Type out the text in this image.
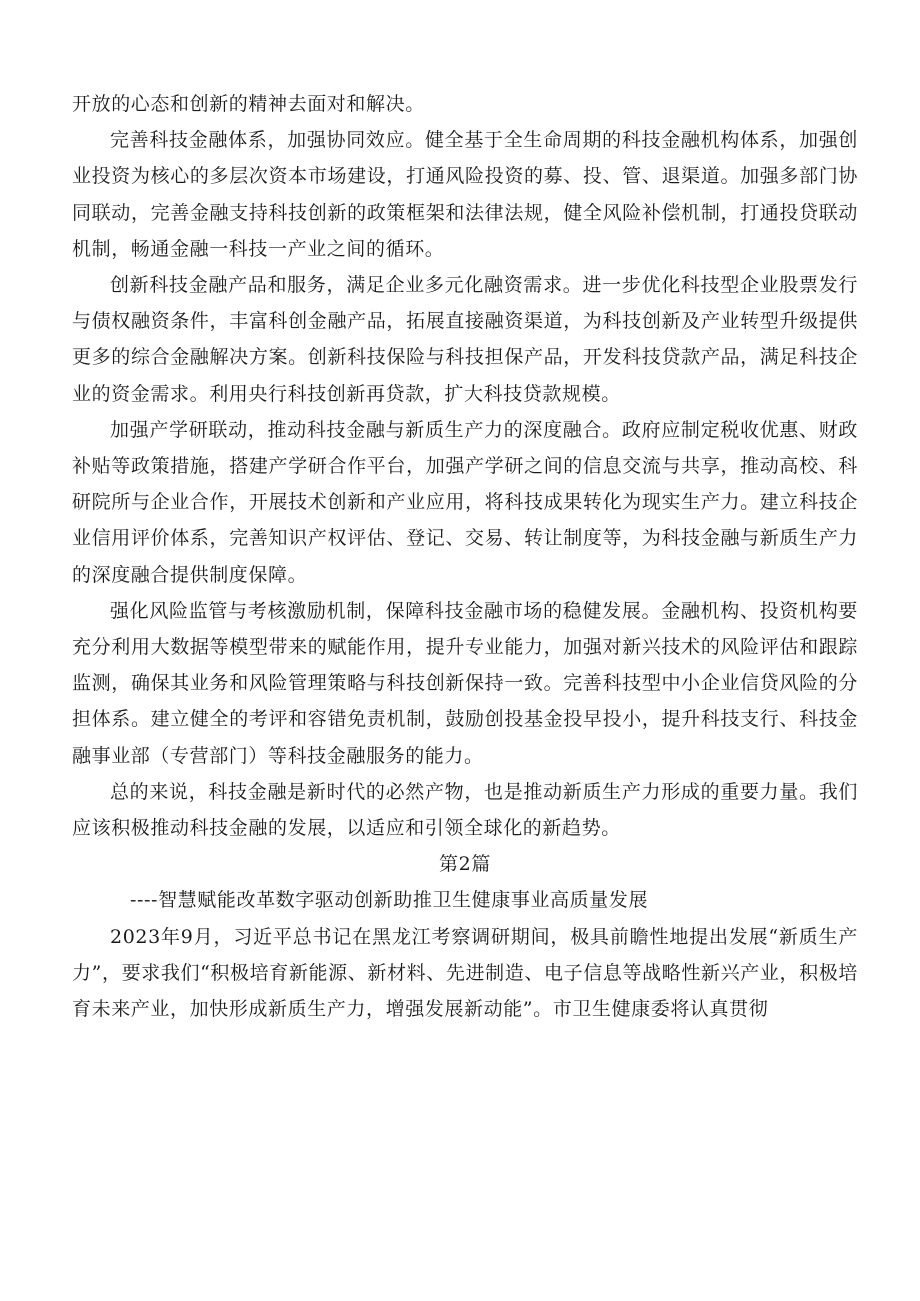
开放的心态和创新的精神去面对和解决。

完善科技金融体系，加强协同效应。健全基于全生命周期的科技金融机构体系，加强创业投资为核心的多层次资本市场建设，打通风险投资的募、投、管、退渠道。加强多部门协同联动，完善金融支持科技创新的政策框架和法律法规，健全风险补偿机制，打通投贷联动机制，畅通金融一科技一产业之间的循环。

创新科技金融产品和服务，满足企业多元化融资需求。进一步优化科技型企业股票发行与债权融资条件，丰富科创金融产品，拓展直接融资渠道，为科技创新及产业转型升级提供更多的综合金融解决方案。创新科技保险与科技担保产品，开发科技贷款产品，满足科技企业的资金需求。利用央行科技创新再贷款，扩大科技贷款规模。

加强产学研联动，推动科技金融与新质生产力的深度融合。政府应制定税收优惠、财政补贴等政策措施，搭建产学研合作平台，加强产学研之间的信息交流与共享，推动高校、科研院所与企业合作，开展技术创新和产业应用，将科技成果转化为现实生产力。建立科技企业信用评价体系，完善知识产权评估、登记、交易、转让制度等，为科技金融与新质生产力的深度融合提供制度保障。

强化风险监管与考核激励机制，保障科技金融市场的稳健发展。金融机构、投资机构要充分利用大数据等模型带来的赋能作用，提升专业能力，加强对新兴技术的风险评估和跟踪监测，确保其业务和风险管理策略与科技创新保持一致。完善科技型中小企业信贷风险的分担体系。建立健全的考评和容错免责机制，鼓励创投基金投早投小，提升科技支行、科技金融事业部（专营部门）等科技金融服务的能力。

总的来说，科技金融是新时代的必然产物，也是推动新质生产力形成的重要力量。我们应该积极推动科技金融的发展，以适应和引领全球化的新趋势。

第2篇

----智慧赋能改革数字驱动创新助推卫生健康事业高质量发展

2023年9月，习近平总书记在黑龙江考察调研期间，极具前瞻性地提出发展“新质生产力”，要求我们“积极培育新能源、新材料、先进制造、电子信息等战略性新兴产业，积极培育未来产业，加快形成新质生产力，增强发展新动能”。市卫生健康委将认真贯彻
